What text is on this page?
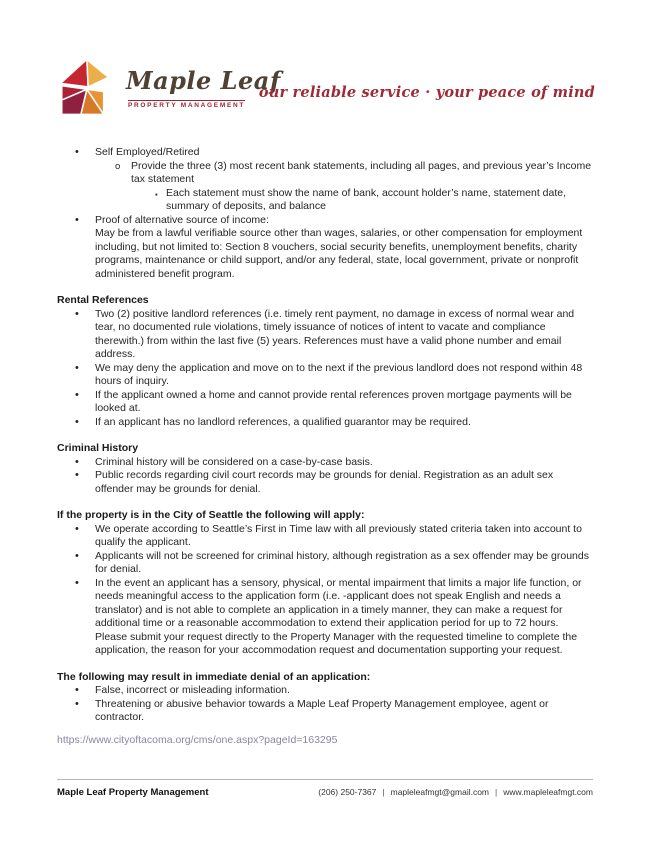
Maple Leaf
PROPERTY MANAGEMENT
our reliable service · your peace of mind
• Self Employed/Retired
o Provide the three (3) most recent bank statements, including all pages, and previous year’s Income tax statement
▪ Each statement must show the name of bank, account holder’s name, statement date, summary of deposits, and balance
• Proof of alternative source of income:
May be from a lawful verifiable source other than wages, salaries, or other compensation for employment including, but not limited to: Section 8 vouchers, social security benefits, unemployment benefits, charity programs, maintenance or child support, and/or any federal, state, local government, private or nonprofit administered benefit program.
Rental References
• Two (2) positive landlord references (i.e. timely rent payment, no damage in excess of normal wear and tear, no documented rule violations, timely issuance of notices of intent to vacate and compliance therewith.) from within the last five (5) years. References must have a valid phone number and email address.
• We may deny the application and move on to the next if the previous landlord does not respond within 48 hours of inquiry.
• If the applicant owned a home and cannot provide rental references proven mortgage payments will be looked at.
• If an applicant has no landlord references, a qualified guarantor may be required.
Criminal History
• Criminal history will be considered on a case-by-case basis.
• Public records regarding civil court records may be grounds for denial. Registration as an adult sex offender may be grounds for denial.
If the property is in the City of Seattle the following will apply:
• We operate according to Seattle’s First in Time law with all previously stated criteria taken into account to qualify the applicant.
• Applicants will not be screened for criminal history, although registration as a sex offender may be grounds for denial.
• In the event an applicant has a sensory, physical, or mental impairment that limits a major life function, or needs meaningful access to the application form (i.e. -applicant does not speak English and needs a translator) and is not able to complete an application in a timely manner, they can make a request for additional time or a reasonable accommodation to extend their application period for up to 72 hours. Please submit your request directly to the Property Manager with the requested timeline to complete the application, the reason for your accommodation request and documentation supporting your request.
The following may result in immediate denial of an application:
• False, incorrect or misleading information.
• Threatening or abusive behavior towards a Maple Leaf Property Management employee, agent or contractor.
https://www.cityoftacoma.org/cms/one.aspx?pageId=163295
Maple Leaf Property Management	(206) 250-7367 | mapleleafmgt@gmail.com | www.mapleleafmgt.com
